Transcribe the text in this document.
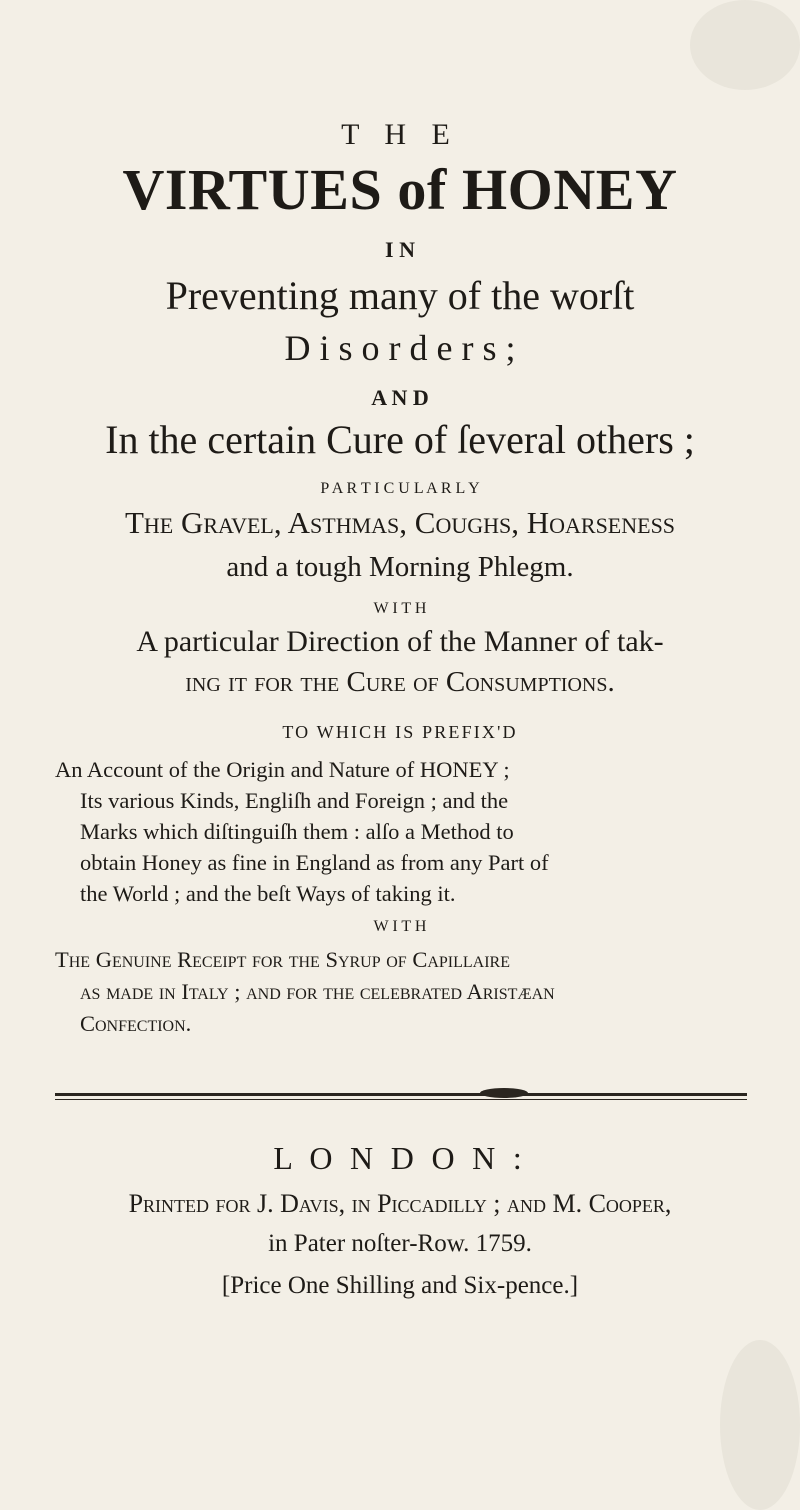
T H E
VIRTUES of HONEY
I N
Preventing many of the worſt
D i s o r d e r s ;
A N D
In the certain Cure of ſeveral others ;
P A R T I C U L A R L Y
The Gravel, Asthmas, Coughs, Hoarseness
and a tough Morning Phlegm.
W I T H
A particular Direction of the Manner of tak-
ing it for the Cure of Consumptions.
TO WHICH IS PREFIX'D
An Account of the Origin and Nature of HONEY ;
Its various Kinds, Engliſh and Foreign ; and the
Marks which diſtinguiſh them : alſo a Method to
obtain Honey as fine in England as from any Part of
the World ; and the beſt Ways of taking it.
W I T H
The Genuine Receipt for the Syrup of Capillaire
as made in Italy ; and for the celebrated Aristæan
Confection.
L O N D O N :
Printed for J. Davis, in Piccadilly ; and M. Cooper,
in Pater noſter-Row. 1759.
[Price One Shilling and Six-pence.]
